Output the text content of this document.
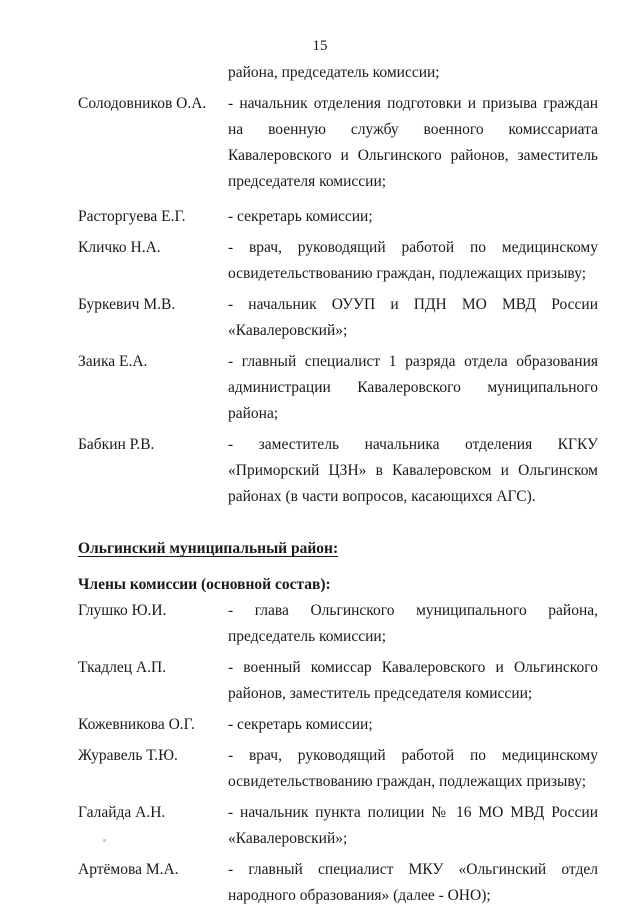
15
района, председатель комиссии;
Солодовников О.А.	- начальник отделения подготовки и призыва граждан на военную службу военного комиссариата Кавалеровского и Ольгинского районов, заместитель председателя комиссии;
Расторгуева Е.Г.	- секретарь комиссии;
Кличко Н.А.	- врач, руководящий работой по медицинскому освидетельствованию граждан, подлежащих призыву;
Буркевич М.В.	- начальник ОУУП и ПДН МО МВД России «Кавалеровский»;
Заика Е.А.	- главный специалист 1 разряда отдела образования администрации Кавалеровского муниципального района;
Бабкин Р.В.	- заместитель начальника отделения КГКУ «Приморский ЦЗН» в Кавалеровском и Ольгинском районах (в части вопросов, касающихся АГС).
Ольгинский муниципальный район:
Члены комиссии (основной состав):
Глушко Ю.И.	- глава Ольгинского муниципального района, председатель комиссии;
Ткадлец А.П.	- военный комиссар Кавалеровского и Ольгинского районов, заместитель председателя комиссии;
Кожевникова О.Г.	- секретарь комиссии;
Журавель Т.Ю.	- врач, руководящий работой по медицинскому освидетельствованию граждан, подлежащих призыву;
Галайда А.Н.	- начальник пункта полиции № 16 МО МВД России «Кавалеровский»;
Артёмова М.А.	- главный специалист МКУ «Ольгинский отдел народного образования» (далее - ОНО);
